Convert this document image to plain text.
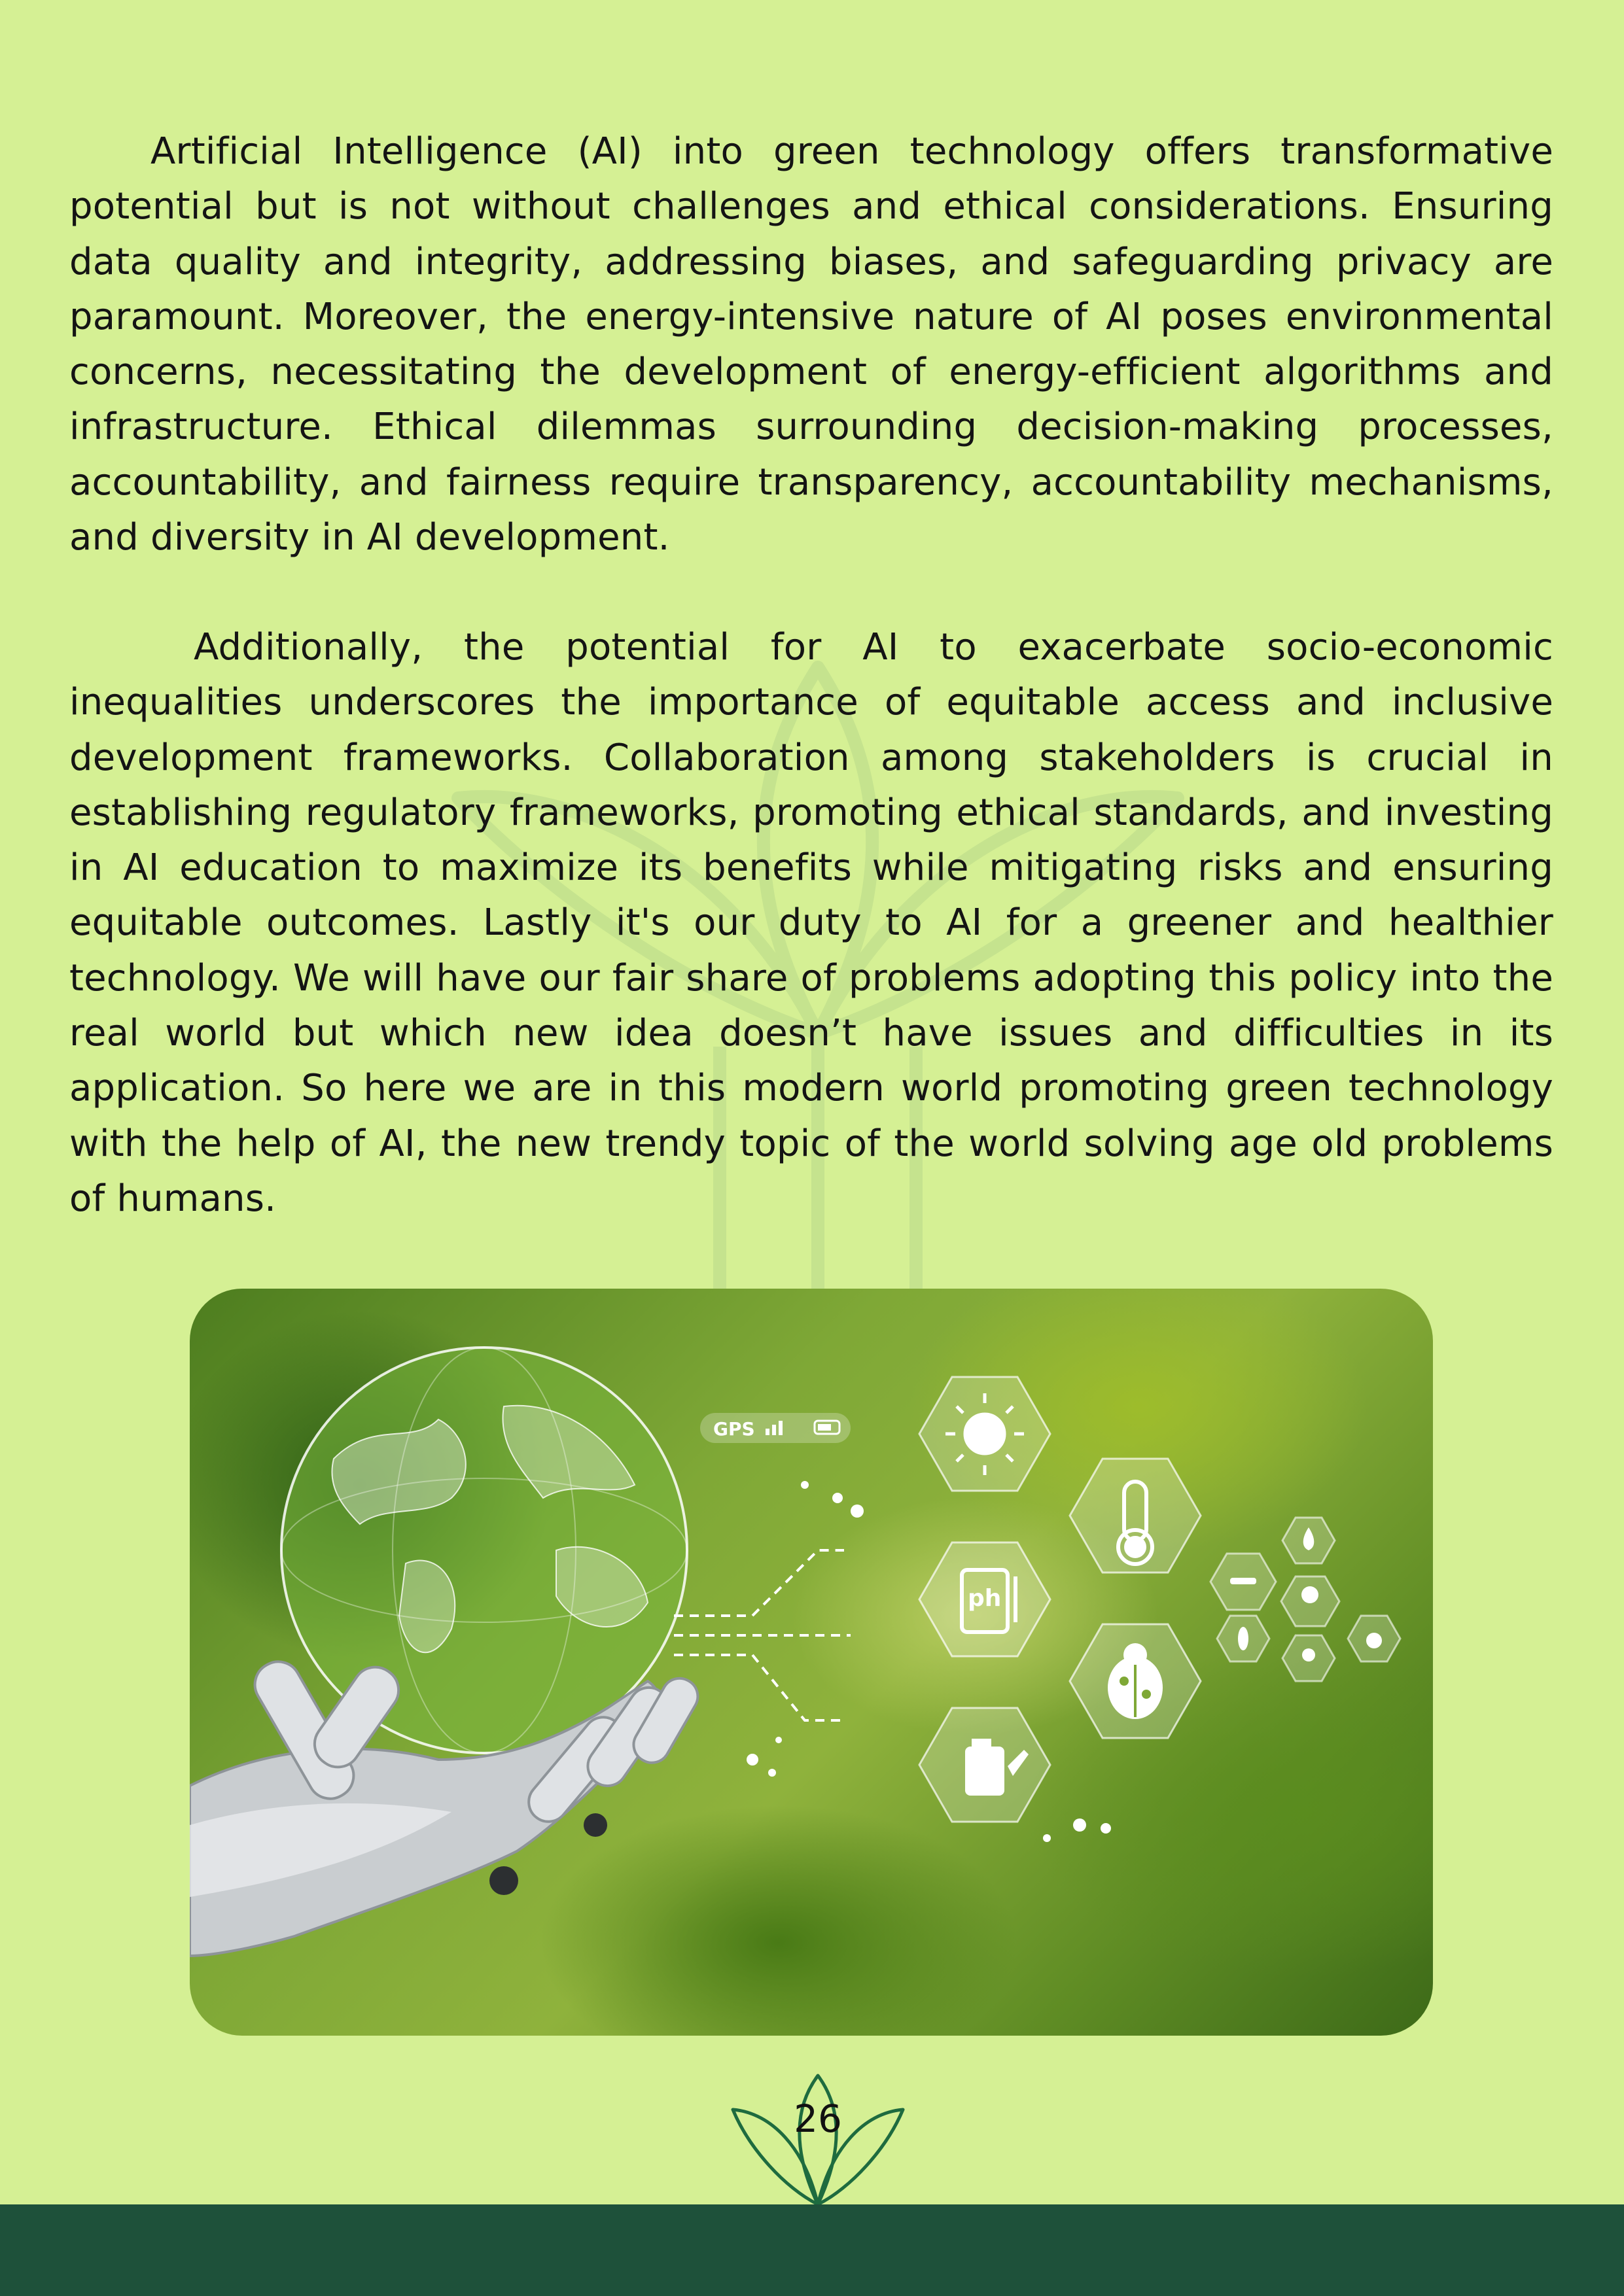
Artificial Intelligence (AI) into green technology offers transformative potential but is not without challenges and ethical considerations. Ensuring data quality and integrity, addressing biases, and safeguarding privacy are paramount. Moreover, the energy-intensive nature of AI poses environmental concerns, necessitating the development of energy-efficient algorithms and infrastructure. Ethical dilemmas surrounding decision-making processes, accountability, and fairness require transparency, accountability mechanisms, and diversity in AI development.

Additionally, the potential for AI to exacerbate socio-economic inequalities underscores the importance of equitable access and inclusive development frameworks. Collaboration among stakeholders is crucial in establishing regulatory frameworks, promoting ethical standards, and investing in AI education to maximize its benefits while mitigating risks and ensuring equitable outcomes. Lastly it's our duty to AI for a greener and healthier technology. We will have our fair share of problems adopting this policy into the real world but which new idea doesn’t have issues and difficulties in its application. So here we are in this modern world promoting green technology with the help of AI, the new trendy topic of the world solving age old problems of humans.

GPS
ph
26
